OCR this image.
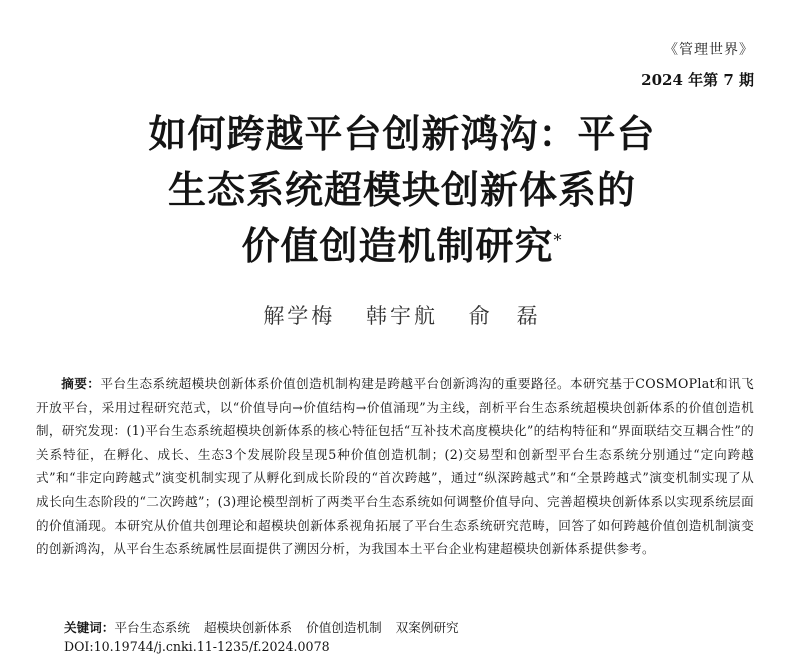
《管理世界》
2024 年第 7 期
如何跨越平台创新鸿沟：平台
生态系统超模块创新体系的
价值创造机制研究*
解学梅 韩宇航 俞　磊
摘要：平台生态系统超模块创新体系价值创造机制构建是跨越平台创新鸿沟的重要路径。本研究基于COSMOPlat和讯飞开放平台，采用过程研究范式，以“价值导向→价值结构→价值涌现”为主线，剖析平台生态系统超模块创新体系的价值创造机制，研究发现：(1)平台生态系统超模块创新体系的核心特征包括“互补技术高度模块化”的结构特征和“界面联结交互耦合性”的关系特征，在孵化、成长、生态3个发展阶段呈现5种价值创造机制；(2)交易型和创新型平台生态系统分别通过“定向跨越式”和“非定向跨越式”演变机制实现了从孵化到成长阶段的“首次跨越”，通过“纵深跨越式”和“全景跨越式”演变机制实现了从成长向生态阶段的“二次跨越”；(3)理论模型剖析了两类平台生态系统如何调整价值导向、完善超模块创新体系以实现系统层面的价值涌现。本研究从价值共创理论和超模块创新体系视角拓展了平台生态系统研究范畴，回答了如何跨越价值创造机制演变的创新鸿沟，从平台生态系统属性层面提供了溯因分析，为我国本土平台企业构建超模块创新体系提供参考。
关键词：平台生态系统 超模块创新体系 价值创造机制 双案例研究
DOI:10.19744/j.cnki.11-1235/f.2024.0078
